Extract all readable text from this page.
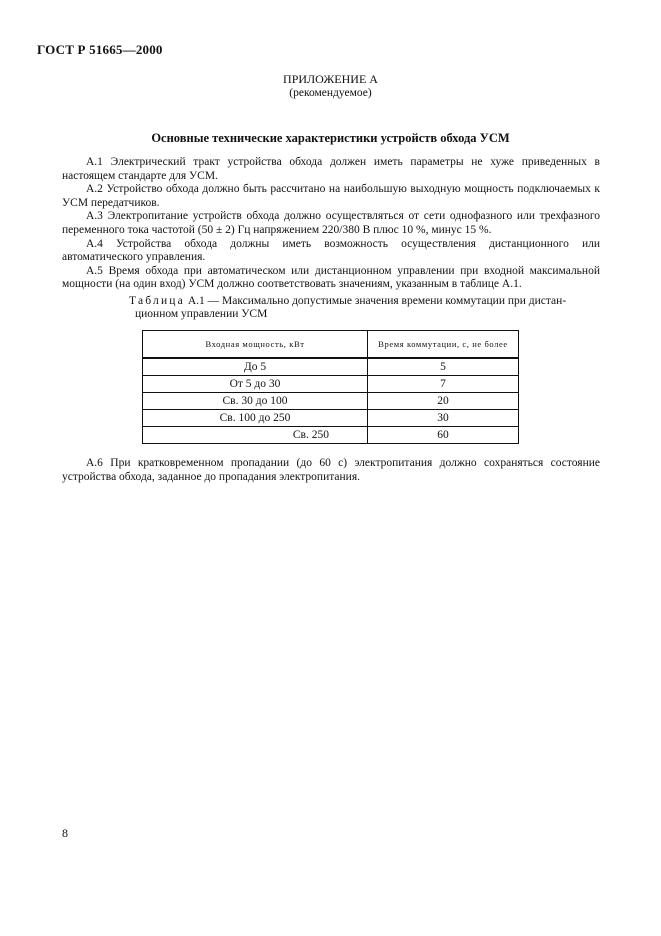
ГОСТ Р 51665—2000
ПРИЛОЖЕНИЕ А
(рекомендуемое)
Основные технические характеристики устройств обхода УСМ

А.1 Электрический тракт устройства обхода должен иметь параметры не хуже приведенных в настоящем стандарте для УСМ.

А.2 Устройство обхода должно быть рассчитано на наибольшую выходную мощность подключаемых к УСМ передатчиков.

А.3 Электропитание устройств обхода должно осуществляться от сети однофазного или трехфазного переменного тока частотой (50 ± 2) Гц напряжением 220/380 В плюс 10 %, минус 15 %.

А.4 Устройства обхода должны иметь возможность осуществления дистанционного или автоматического управления.

А.5 Время обхода при автоматическом или дистанционном управлении при входной максимальной мощности (на один вход) УСМ должно соответствовать значениям, указанным в таблице А.1.

Таблица А.1 — Максимально допустимые значения времени коммутации при дистан-
ционном управлении УСМ
Входная мощность, кВт	Время коммутации, с, не более
До 5	5
От 5 до 30	7
Св. 30 до 100	20
Св. 100 до 250	30
Св. 250	60

А.6 При кратковременном пропадании (до 60 с) электропитания должно сохраняться состояние устройства обхода, заданное до пропадания электропитания.

8
